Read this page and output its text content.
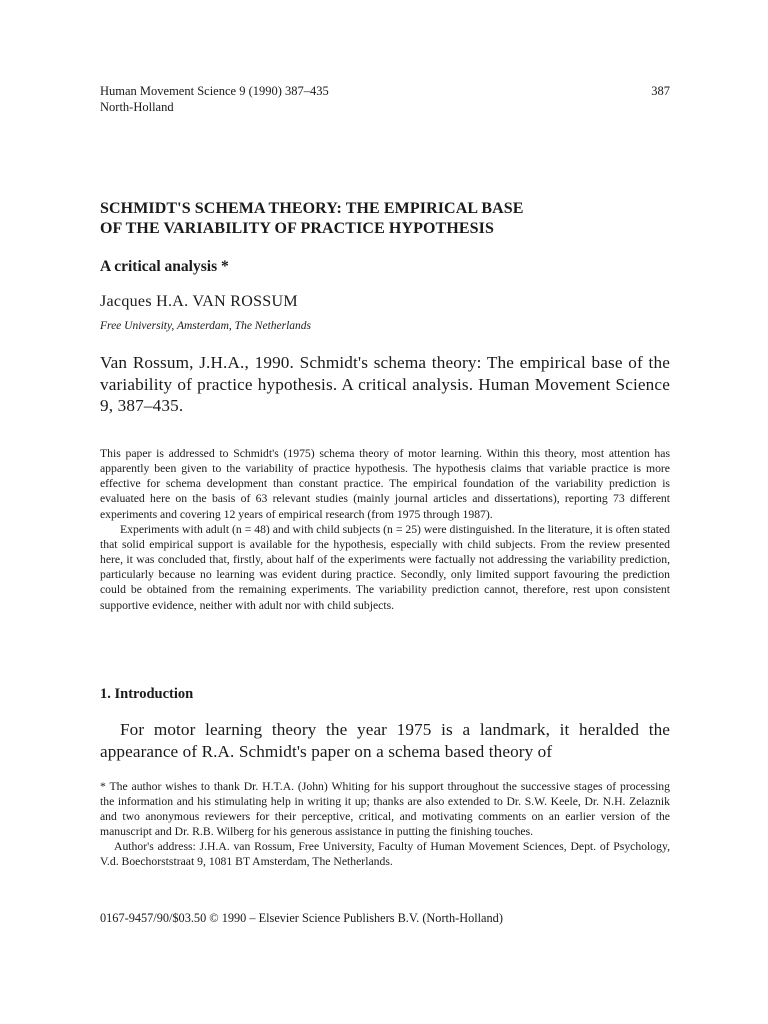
Human Movement Science 9 (1990) 387–435
North-Holland
387
SCHMIDT'S SCHEMA THEORY: THE EMPIRICAL BASE
OF THE VARIABILITY OF PRACTICE HYPOTHESIS
A critical analysis *
Jacques H.A. VAN ROSSUM
Free University, Amsterdam, The Netherlands
Van Rossum, J.H.A., 1990. Schmidt's schema theory: The empirical base of the variability of practice hypothesis. A critical analysis. Human Movement Science 9, 387–435.

This paper is addressed to Schmidt's (1975) schema theory of motor learning. Within this theory, most attention has apparently been given to the variability of practice hypothesis. The hypothesis claims that variable practice is more effective for schema development than constant practice. The empirical foundation of the variability prediction is evaluated here on the basis of 63 relevant studies (mainly journal articles and dissertations), reporting 73 different experiments and covering 12 years of empirical research (from 1975 through 1987).

Experiments with adult (n = 48) and with child subjects (n = 25) were distinguished. In the literature, it is often stated that solid empirical support is available for the hypothesis, especially with child subjects. From the review presented here, it was concluded that, firstly, about half of the experiments were factually not addressing the variability prediction, particularly because no learning was evident during practice. Secondly, only limited support favouring the prediction could be obtained from the remaining experiments. The variability prediction cannot, therefore, rest upon consistent supportive evidence, neither with adult nor with child subjects.

1. Introduction

For motor learning theory the year 1975 is a landmark, it heralded the appearance of R.A. Schmidt's paper on a schema based theory of

* The author wishes to thank Dr. H.T.A. (John) Whiting for his support throughout the successive stages of processing the information and his stimulating help in writing it up; thanks are also extended to Dr. S.W. Keele, Dr. N.H. Zelaznik and two anonymous reviewers for their perceptive, critical, and motivating comments on an earlier version of the manuscript and Dr. R.B. Wilberg for his generous assistance in putting the finishing touches.

Author's address: J.H.A. van Rossum, Free University, Faculty of Human Movement Sciences, Dept. of Psychology, V.d. Boechorststraat 9, 1081 BT Amsterdam, The Netherlands.

0167-9457/90/$03.50 © 1990 – Elsevier Science Publishers B.V. (North-Holland)
